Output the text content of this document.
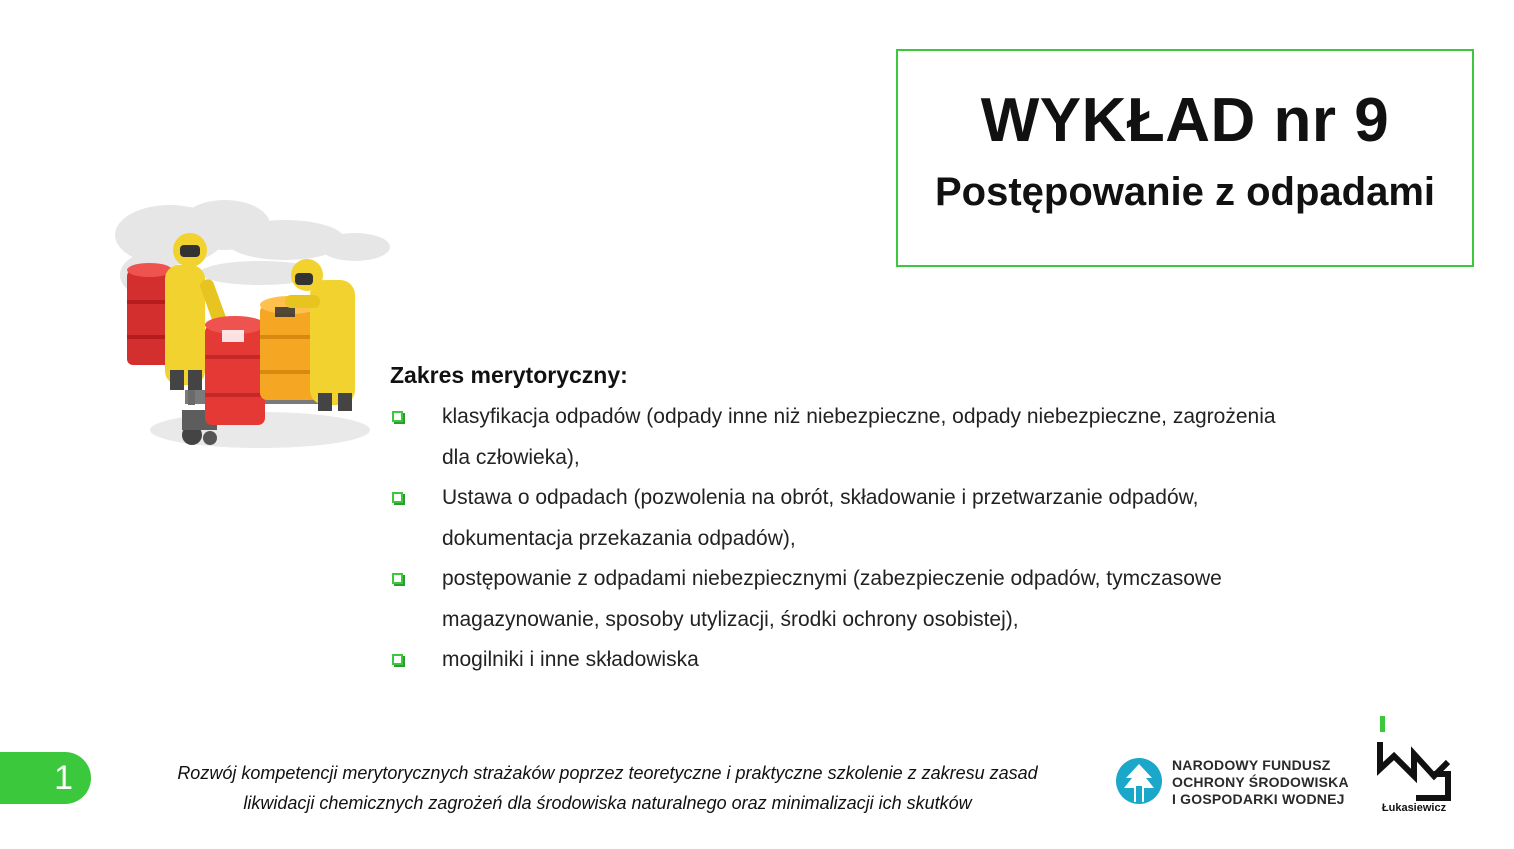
WYKŁAD nr 9
Postępowanie z odpadami
Zakres merytoryczny:
klasyfikacja odpadów (odpady inne niż niebezpieczne, odpady niebezpieczne, zagrożenia
dla człowieka),
Ustawa o odpadach (pozwolenia na obrót, składowanie i przetwarzanie odpadów,
dokumentacja przekazania odpadów),
postępowanie z odpadami niebezpiecznymi (zabezpieczenie odpadów, tymczasowe
magazynowanie, sposoby utylizacji, środki ochrony osobistej),
mogilniki i inne składowiska
1	Rozwój kompetencji merytorycznych strażaków poprzez teoretyczne i praktyczne szkolenie z zakresu zasad
likwidacji chemicznych zagrożeń dla środowiska naturalnego oraz minimalizacji ich skutków
NARODOWY FUNDUSZ
OCHRONY ŚRODOWISKA
I GOSPODARKI WODNEJ
Łukasiewicz
